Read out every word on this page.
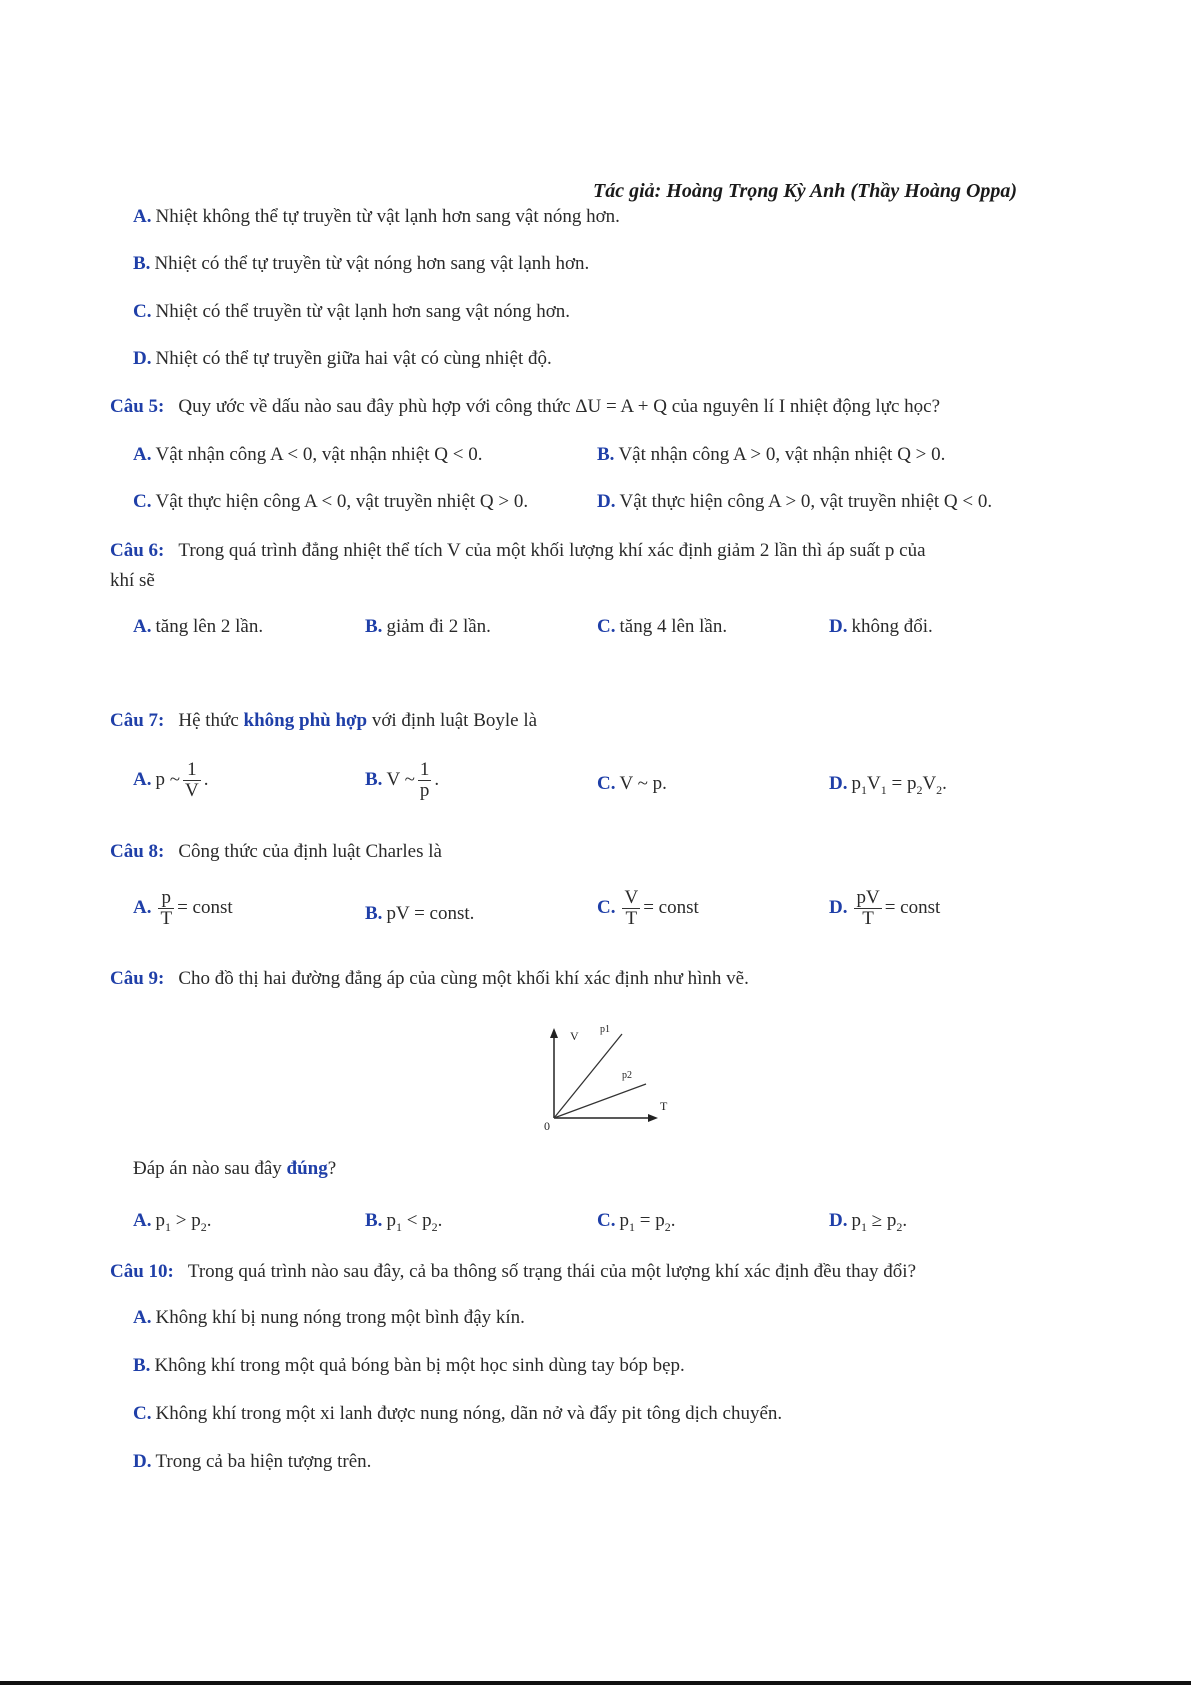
Tác giả: Hoàng Trọng Kỳ Anh (Thầy Hoàng Oppa)
A. Nhiệt không thể tự truyền từ vật lạnh hơn sang vật nóng hơn.
B. Nhiệt có thể tự truyền từ vật nóng hơn sang vật lạnh hơn.
C. Nhiệt có thể truyền từ vật lạnh hơn sang vật nóng hơn.
D. Nhiệt có thể tự truyền giữa hai vật có cùng nhiệt độ.
Câu 5: Quy ước về dấu nào sau đây phù hợp với công thức ΔU = A + Q của nguyên lí I nhiệt động lực học?
A. Vật nhận công A < 0, vật nhận nhiệt Q < 0.	B. Vật nhận công A > 0, vật nhận nhiệt Q > 0.
C. Vật thực hiện công A < 0, vật truyền nhiệt Q > 0.	D. Vật thực hiện công A > 0, vật truyền nhiệt Q < 0.
Câu 6: Trong quá trình đẳng nhiệt thể tích V của một khối lượng khí xác định giảm 2 lần thì áp suất p của
khí sẽ
A. tăng lên 2 lần.	B. giảm đi 2 lần.	C. tăng 4 lên lần.	D. không đổi.
Câu 7: Hệ thức không phù hợp với định luật Boyle là
A. p ~ $\frac{1}{V}$ .	B. V ~ $\frac{1}{p}$ .	C. V ~ p.	D. $p_1V_1 = p_2V_2$.
Câu 8: Công thức của định luật Charles là
A. $\frac{p}{T}$ = const	B. pV = const.	C. $\frac{V}{T}$ = const	D. $\frac{pV}{T}$ = const
Câu 9: Cho đồ thị hai đường đẳng áp của cùng một khối khí xác định như hình vẽ.
V
T
0
p1
p2
Đáp án nào sau đây đúng?
A. $p_1 > p_2$.	B. $p_1 < p_2$.	C. $p_1 = p_2$.	D. $p_1 \ge p_2$.
Câu 10: Trong quá trình nào sau đây, cả ba thông số trạng thái của một lượng khí xác định đều thay đổi?
A. Không khí bị nung nóng trong một bình đậy kín.
B. Không khí trong một quả bóng bàn bị một học sinh dùng tay bóp bẹp.
C. Không khí trong một xi lanh được nung nóng, dãn nở và đẩy pit tông dịch chuyển.
D. Trong cả ba hiện tượng trên.
